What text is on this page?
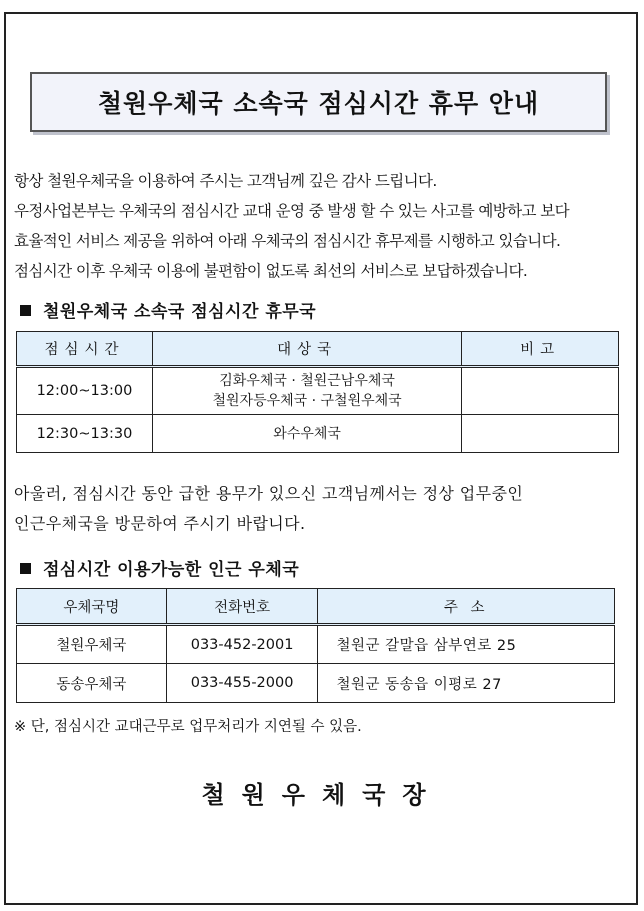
철원우체국 소속국 점심시간 휴무 안내

항상 철원우체국을 이용하여 주시는 고객님께 깊은 감사 드립니다.

우정사업본부는 우체국의 점심시간 교대 운영 중 발생 할 수 있는 사고를 예방하고 보다

효율적인 서비스 제공을 위하여 아래 우체국의 점심시간 휴무제를 시행하고 있습니다.

점심시간 이후 우체국 이용에 불편함이 없도록 최선의 서비스로 보답하겠습니다.

철원우체국 소속국 점심시간 휴무국
점심시간	대상국	비고
12:00~13:00	김화우체국 · 철원근남우체국
철원자등우체국 · 구철원우체국	

12:30~13:30	와수우체국	

아울러, 점심시간 동안 급한 용무가 있으신 고객님께서는 정상 업무중인

인근우체국을 방문하여 주시기 바랍니다.

점심시간 이용가능한 인근 우체국
우체국명	전화번호	주 소
철원우체국	033-452-2001	철원군 갈말읍 삼부연로 25
동송우체국	033-455-2000	철원군 동송읍 이평로 27
※ 단, 점심시간 교대근무로 업무처리가 지연될 수 있음.
철원우체국장
